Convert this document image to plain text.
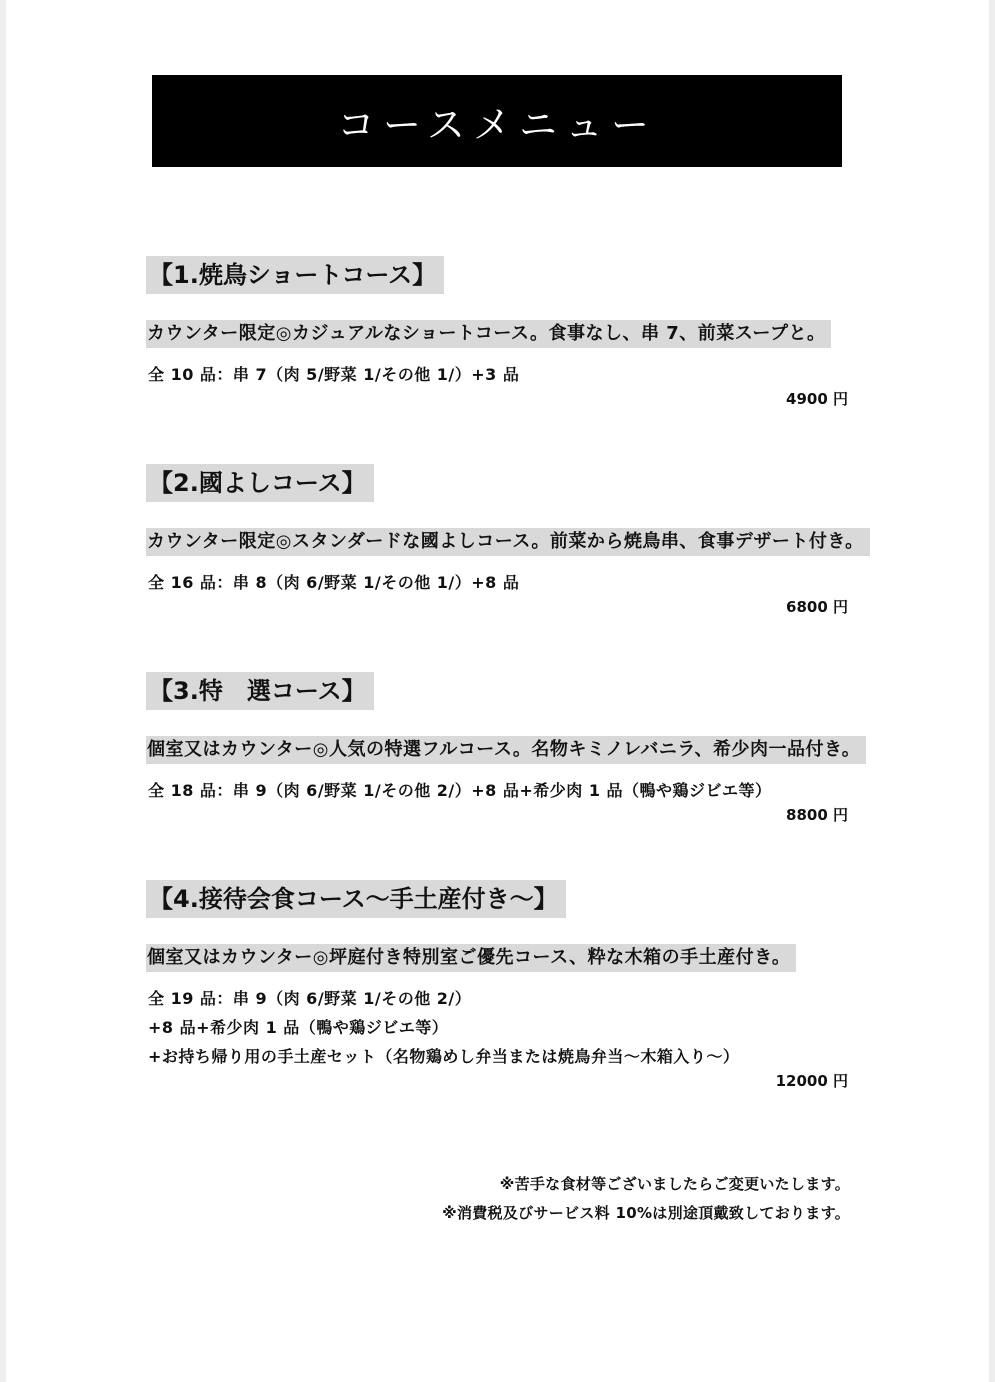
コースメニュー
【1.焼鳥ショートコース】
カウンター限定◎カジュアルなショートコース。食事なし、串 7、前菜スープと。
全 10 品：串 7（肉 5/野菜 1/その他 1/）+3 品
4900 円
【2.國よしコース】
カウンター限定◎スタンダードな國よしコース。前菜から焼鳥串、食事デザート付き。
全 16 品：串 8（肉 6/野菜 1/その他 1/）+8 品
6800 円
【3.特　選コース】
個室又はカウンター◎人気の特選フルコース。名物キミノレバニラ、希少肉一品付き。
全 18 品：串 9（肉 6/野菜 1/その他 2/）+8 品+希少肉 1 品（鴨や鶏ジビエ等）
8800 円
【4.接待会食コース～手土産付き～】
個室又はカウンター◎坪庭付き特別室ご優先コース、粋な木箱の手土産付き。
全 19 品：串 9（肉 6/野菜 1/その他 2/）
+8 品+希少肉 1 品（鴨や鶏ジビエ等）
+お持ち帰り用の手土産セット（名物鶏めし弁当または焼鳥弁当～木箱入り～）
12000 円
※苦手な食材等ございましたらご変更いたします。
※消費税及びサービス料 10%は別途頂戴致しております。
